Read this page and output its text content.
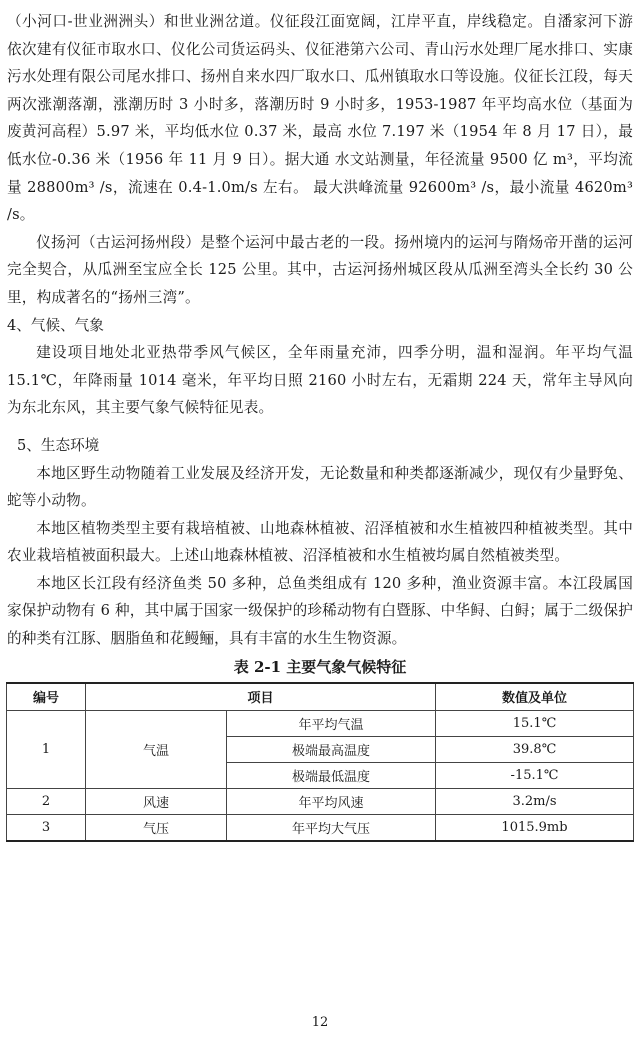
（小河口-世业洲洲头）和世业洲岔道。仪征段江面宽阔，江岸平直，岸线稳定。自潘家河下游依次建有仪征市取水口、仪化公司货运码头、仪征港第六公司、青山污水处理厂尾水排口、实康污水处理有限公司尾水排口、扬州自来水四厂取水口、瓜州镇取水口等设施。仪征长江段，每天两次涨潮落潮，涨潮历时 3 小时多，落潮历时 9 小时多，1953-1987 年平均高水位（基面为废黄河高程）5.97 米，平均低水位 0.37 米，最高 水位 7.197 米（1954 年 8 月 17 日），最低水位-0.36 米（1956 年 11 月 9 日）。据大通 水文站测量，年径流量 9500 亿 m³，平均流量 28800m³ /s，流速在 0.4-1.0m/s 左右。 最大洪峰流量 92600m³ /s，最小流量 4620m³ /s。

仪扬河（古运河扬州段）是整个运河中最古老的一段。扬州境内的运河与隋炀帝开凿的运河完全契合，从瓜洲至宝应全长 125 公里。其中，古运河扬州城区段从瓜洲至湾头全长约 30 公里，构成著名的“扬州三湾”。

4、气候、气象

建设项目地处北亚热带季风气候区，全年雨量充沛，四季分明，温和湿润。年平均气温 15.1℃，年降雨量 1014 毫米，年平均日照 2160 小时左右，无霜期 224 天，常年主导风向为东北东风，其主要气象气候特征见表。

5、生态环境

本地区野生动物随着工业发展及经济开发，无论数量和种类都逐渐减少，现仅有少量野兔、蛇等小动物。

本地区植物类型主要有栽培植被、山地森林植被、沼泽植被和水生植被四种植被类型。其中农业栽培植被面积最大。上述山地森林植被、沼泽植被和水生植被均属自然植被类型。

本地区长江段有经济鱼类 50 多种，总鱼类组成有 120 多种，渔业资源丰富。本江段属国家保护动物有 6 种，其中属于国家一级保护的珍稀动物有白暨豚、中华鲟、白鲟；属于二级保护的种类有江豚、胭脂鱼和花鳗鲡，具有丰富的水生生物资源。

表 2-1 主要气象气候特征
编号	项目		数值及单位
1	气温	年平均气温	15.1℃
		极端最高温度	39.8℃
		极端最低温度	-15.1℃
2	风速	年平均风速	3.2m/s
3	气压	年平均大气压	1015.9mb
12
